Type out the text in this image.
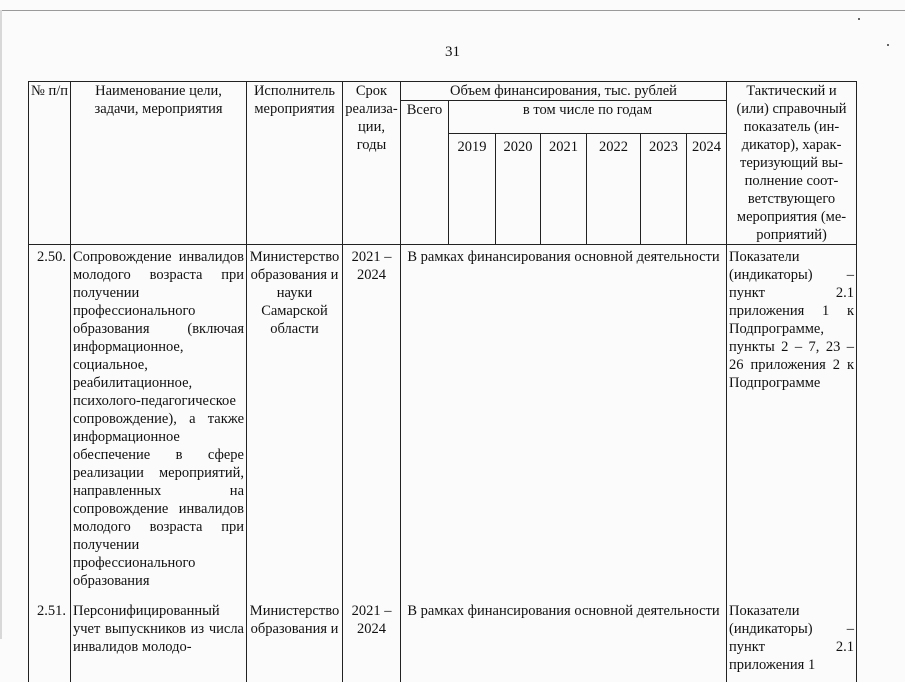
31
№ п/п	Наименование цели, задачи, мероприятия	Исполнитель мероприятия	Срок реализа-ции, годы	Объем финансирования, тыс. рублей							Тактический и (или) справочный показатель (ин-дикатор), харак-теризующий вы-полнение соот-ветствующего мероприятия (ме-роприятий)
				Всего	в том числе по годам						
					2019	2020	2021	2022	2023	2024	
2.50.	Сопровождение инвалидов молодого возраста при получении профессионального образования (включая информационное, социальное, реабилитационное, психолого-педагогическое сопровождение), а также информационное обеспечение в сфере реализации мероприятий, направленных на сопровождение инвалидов молодого возраста при получении профессионального образования	Министерство образования и науки Самарской области	2021 – 2024	В рамках финансирования основной деятельности							Показатели (индикаторы) – пункт 2.1 приложения 1 к Подпрограмме, пункты 2 – 7, 23 – 26 приложения 2 к Подпрограмме
2.51.	Персонифицированный учет выпускников из числа инвалидов молодо-	Министерство образования и	2021 – 2024	В рамках финансирования основной деятельности							Показатели (индикаторы) – пункт 2.1 приложения 1
